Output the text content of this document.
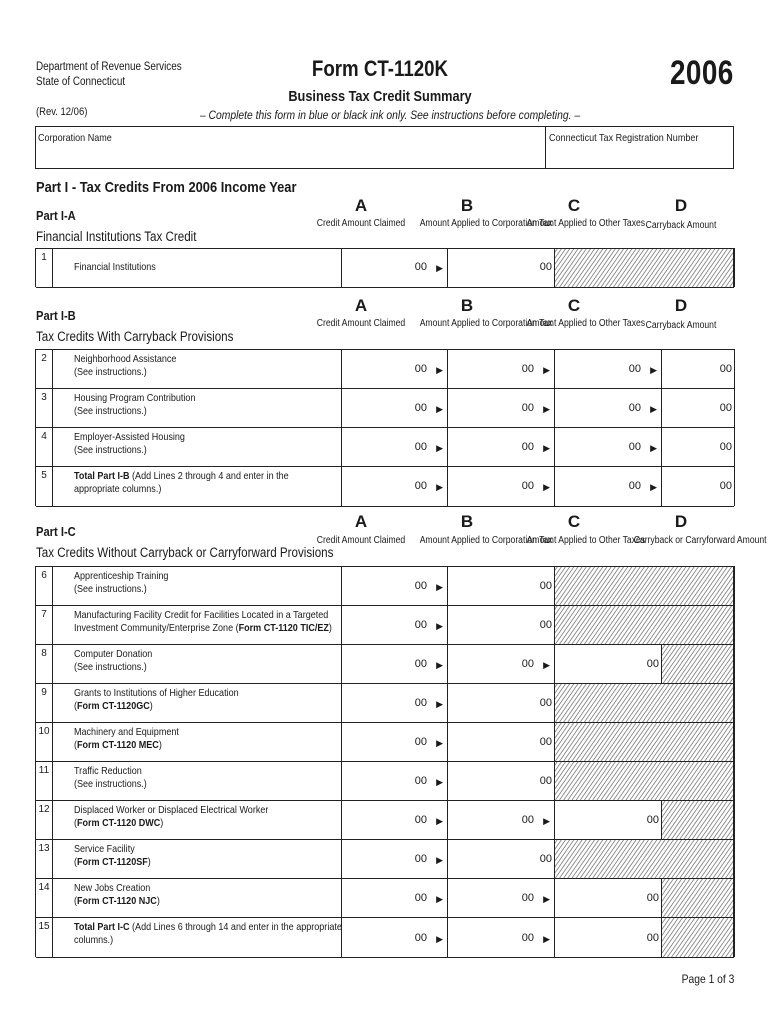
Department of Revenue Services
State of Connecticut
(Rev. 12/06)
Form CT-1120K
Business Tax Credit Summary
2006
– Complete this form in blue or black ink only. See instructions before completing. –
Corporation Name	Connecticut Tax Registration Number
Part I - Tax Credits From 2006 Income Year
Part I-A
Financial Institutions Tax Credit
A	B	C	D
Credit Amount Claimed	Amount Applied to Corporation Tax
Amount Applied to Other Taxes Carryback Amount
1
Financial Institutions	00 ▶	00
Part I-B
Tax Credits With Carryback Provisions
A	B	C	D
Credit Amount Claimed	Amount Applied to Corporation Tax
Amount Applied to Other Taxes Carryback Amount
2	Neighborhood Assistance
(See instructions.)	00 ▶	00 ▶	00 ▶	00
3	Housing Program Contribution
(See instructions.)	00 ▶	00 ▶	00 ▶	00
4	Employer-Assisted Housing
(See instructions.)	00 ▶	00 ▶	00 ▶	00
5	Total Part I-B (Add Lines 2 through 4 and enter in the
appropriate columns.)	00 ▶	00 ▶	00 ▶	00
Part I-C
Tax Credits Without Carryback or Carryforward Provisions
A	B	C	D
Credit Amount Claimed	Amount Applied to Corporation Tax
Amount Applied to Other Taxes
Carryback or Carryforward Amount
6	Apprenticeship Training
(See instructions.)	00 ▶	00
7	Manufacturing Facility Credit for Facilities Located in a Targeted
Investment Community/Enterprise Zone (Form CT-1120 TIC/EZ)	00 ▶	00
8	Computer Donation
(See instructions.)	00 ▶	00 ▶	00
9	Grants to Institutions of Higher Education
(Form CT-1120GC)	00 ▶	00
10	Machinery and Equipment
(Form CT-1120 MEC)	00 ▶	00
11	Traffic Reduction
(See instructions.)	00 ▶	00
12	Displaced Worker or Displaced Electrical Worker
(Form CT-1120 DWC)	00 ▶	00 ▶	00
13	Service Facility
(Form CT-1120SF)	00 ▶	00
14	New Jobs Creation
(Form CT-1120 NJC)	00 ▶	00 ▶	00
15	Total Part I-C (Add Lines 6 through 14 and enter in the appropriate
columns.)	00 ▶	00 ▶	00
Page 1 of 3
